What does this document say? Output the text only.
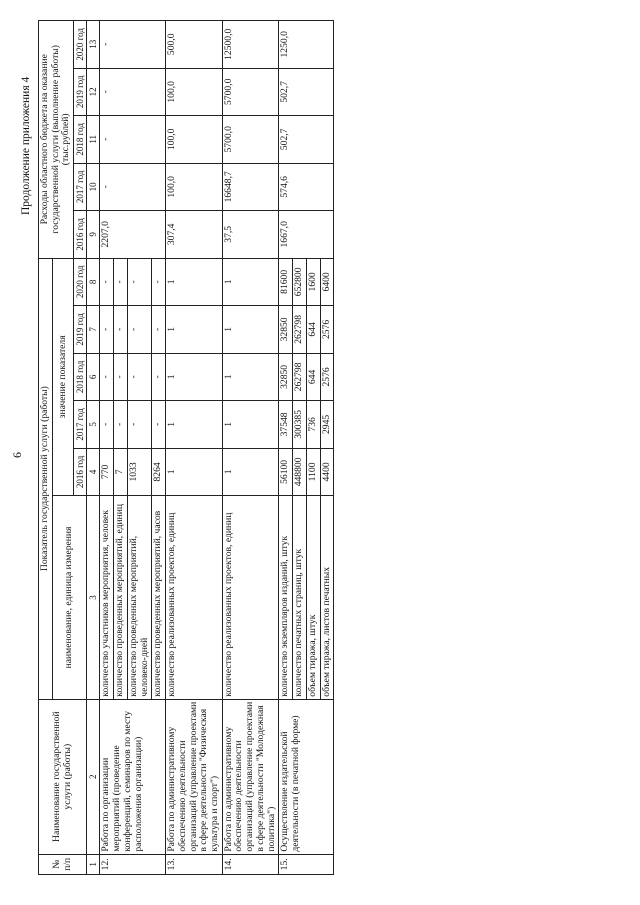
6
Продолжение приложения 4
№ п/п	Наименование государственной услуги (работы)	Показатель государственной услуги (работы)						Расходы областного бюджета на оказание государственной услуги (выполнение работы) (тыс.рублей)				
		наименование, единица измерения	значение показателя									
			2016 год	2017 год	2018 год	2019 год	2020 год	2016 год	2017 год	2018 год	2019 год	2020 год
1	2	3	4	5	6	7	8	9	10	11	12	13
12.	Работа по организации мероприятий (проведение конференций, семинаров по месту расположения организации)	количество участников мероприятия, человек	770	-	-	-	-	2207,0	-	-	-	-
		количество проведенных мероприятий, единиц	7	-	-	-	-					
		количество проведенных мероприятий, человеко-дней	1033	-	-	-	-					
		количество проведенных мероприятий, часов	8264	-	-	-	-					
13.	Работа по административному обеспечению деятельности организаций (управление проектами в сфере деятельности "Физическая культура и спорт")	количество реализованных проектов, единиц	1	1	1	1	1	307,4	100,0	100,0	100,0	500,0
14.	Работа по административному обеспечению деятельности организаций (управление проектами в сфере деятельности "Молодежная политика")	количество реализованных проектов, единиц	1	1	1	1	1	37,5	16648,7	5700,0	5700,0	12500,0
15.	Осуществление издательской деятельности (в печатной форме)	количество экземпляров изданий, штук	56100	37548	32850	32850	81600	1667,0	574,6	502,7	502,7	1250,0
		количество печатных страниц, штук	448800	300385	262798	262798	652800					
		объем тиража, штук	1100	736	644	644	1600					
		объем тиража, листов печатных	4400	2945	2576	2576	6400					
